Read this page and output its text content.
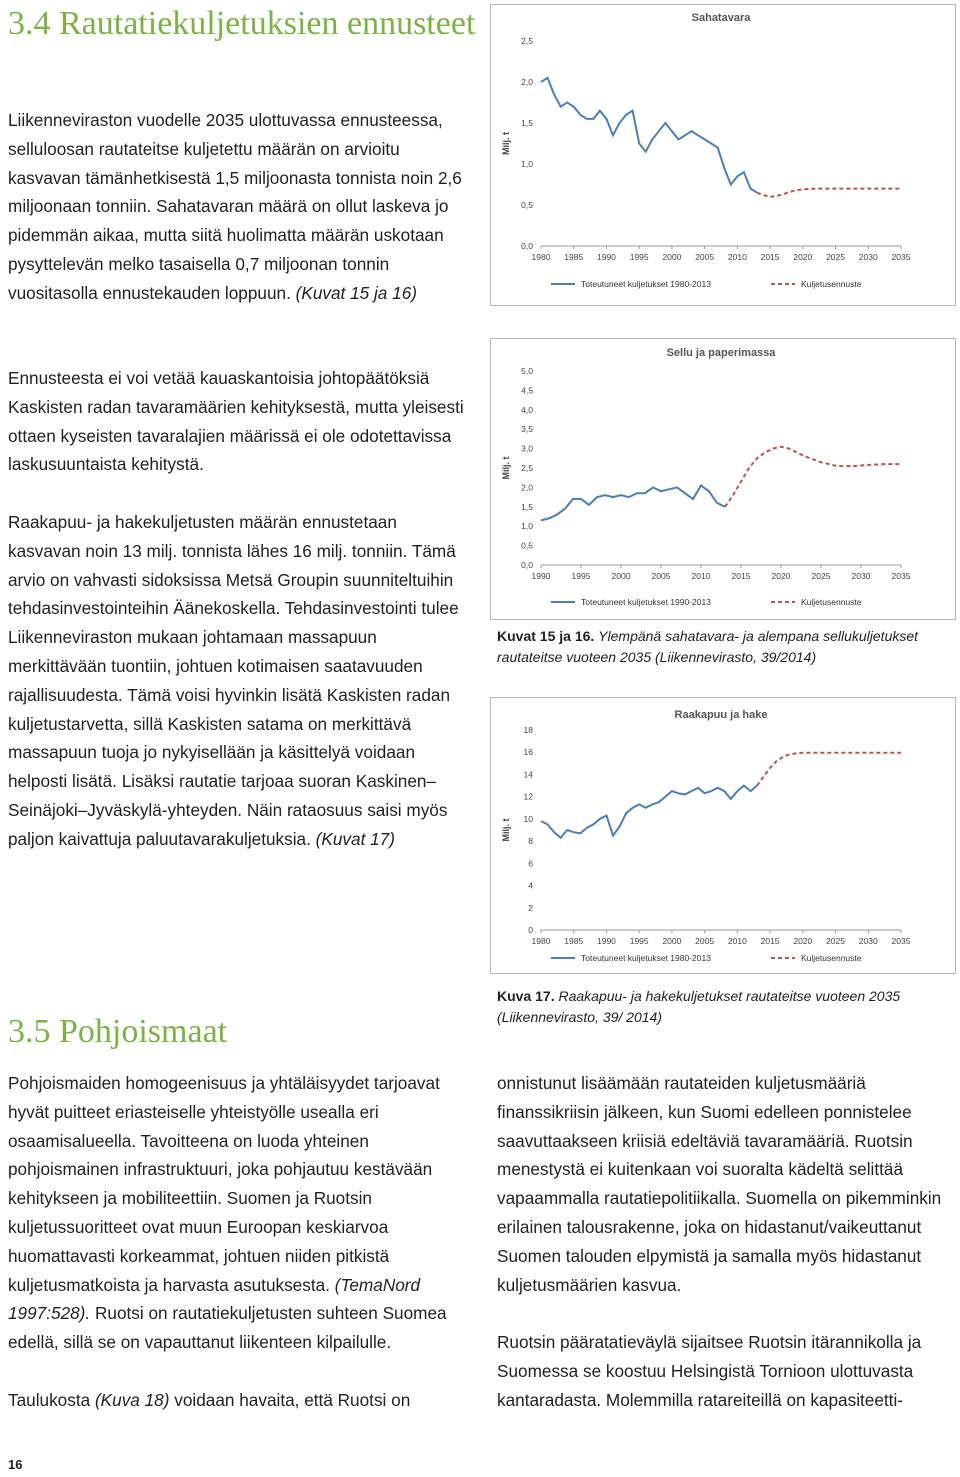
3.4 Rautatiekuljetuksien ennusteet

Liikenneviraston vuodelle 2035 ulottuvassa ennusteessa, selluloosan rautateitse kuljetettu määrän on arvioitu kasvavan tämänhetkisestä 1,5 miljoonasta tonnista noin 2,6 miljoonaan tonniin. Sahatavaran määrä on ollut laskeva jo pidemmän aikaa, mutta siitä huolimatta määrän uskotaan pysyttelevän melko tasaisella 0,7 miljoonan tonnin vuositasolla ennustekauden loppuun. (Kuvat 15 ja 16)

Ennusteesta ei voi vetää kauaskantoisia johtopäätöksiä Kaskisten radan tavaramäärien kehityksestä, mutta yleisesti ottaen kyseisten tavaralajien määrissä ei ole odotettavissa laskusuuntaista kehitystä.

Raakapuu- ja hakekuljetusten määrän ennustetaan kasvavan noin 13 milj. tonnista lähes 16 milj. tonniin. Tämä arvio on vahvasti sidoksissa Metsä Groupin suunniteltuihin tehdasinvestointeihin Äänekoskella. Tehdasinvestointi tulee Liikenneviraston mukaan johtamaan massapuun merkittävään tuontiin, johtuen kotimaisen saatavuuden rajallisuudesta. Tämä voisi hyvinkin lisätä Kaskisten radan kuljetustarvetta, sillä Kaskisten satama on merkittävä massapuun tuoja jo nykyisellään ja käsittelyä voidaan helposti lisätä. Lisäksi rautatie tarjoaa suoran Kaskinen–Seinäjoki–Jyväskylä-yhteyden. Näin rataosuus saisi myös paljon kaivattuja paluutavarakuljetuksia. (Kuvat 17)

Sahatavara
0,0
0,5
1,0
1,5
2,0
2,5
1980 1985 1990 1995 2000 2005 2010 2015 2020 2025 2030 2035
Milj. t
Toteutuneet kuljetukset 1980-2013	Kuljetusennuste
Sellu ja paperimassa
0,0
0,5
1,0
1,5
2,0
2,5
3,0
3,5
4,0
4,5
5,0
1990 1995 2000 2005 2010 2015 2020 2025 2030 2035
Milj. t
Toteutuneet kuljetukset 1990-2013	Kuljetusennuste

Kuvat 15 ja 16. Ylempänä sahatavara- ja alempana sellukuljetukset rautateitse vuoteen 2035 (Liikennevirasto, 39/2014)

Raakapuu ja hake
0
2
4
6
8
10
12
14
16
18
1980 1985 1990 1995 2000 2005 2010 2015 2020 2025 2030 2035
Milj. t
Toteutuneet kuljetukset 1980-2013	Kuljetusennuste

Kuva 17. Raakapuu- ja hakekuljetukset rautateitse vuoteen 2035 (Liikennevirasto, 39/ 2014)

3.5 Pohjoismaat

Pohjoismaiden homogeenisuus ja yhtäläisyydet tarjoavat hyvät puitteet eriasteiselle yhteistyölle usealla eri osaamisalueella. Tavoitteena on luoda yhteinen pohjoismainen infrastruktuuri, joka pohjautuu kestävään kehitykseen ja mobiliteettiin. Suomen ja Ruotsin kuljetussuoritteet ovat muun Euroopan keskiarvoa huomattavasti korkeammat, johtuen niiden pitkistä kuljetusmatkoista ja harvasta asutuksesta. (TemaNord 1997:528). Ruotsi on rautatiekuljetusten suhteen Suomea edellä, sillä se on vapauttanut liikenteen kilpailulle.

Taulukosta (Kuva 18) voidaan havaita, että Ruotsi on

onnistunut lisäämään rautateiden kuljetusmääriä finanssikriisin jälkeen, kun Suomi edelleen ponnistelee saavuttaakseen kriisiä edeltäviä tavaramääriä. Ruotsin menestystä ei kuitenkaan voi suoralta kädeltä selittää vapaammalla rautatiepolitiikalla. Suomella on pikemminkin erilainen talousrakenne, joka on hidastanut/vaikeuttanut Suomen talouden elpymistä ja samalla myös hidastanut kuljetusmäärien kasvua.

Ruotsin pääratatieväylä sijaitsee Ruotsin itärannikolla ja Suomessa se koostuu Helsingistä Tornioon ulottuvasta kantaradasta. Molemmilla ratareiteillä on kapasiteetti-

16
